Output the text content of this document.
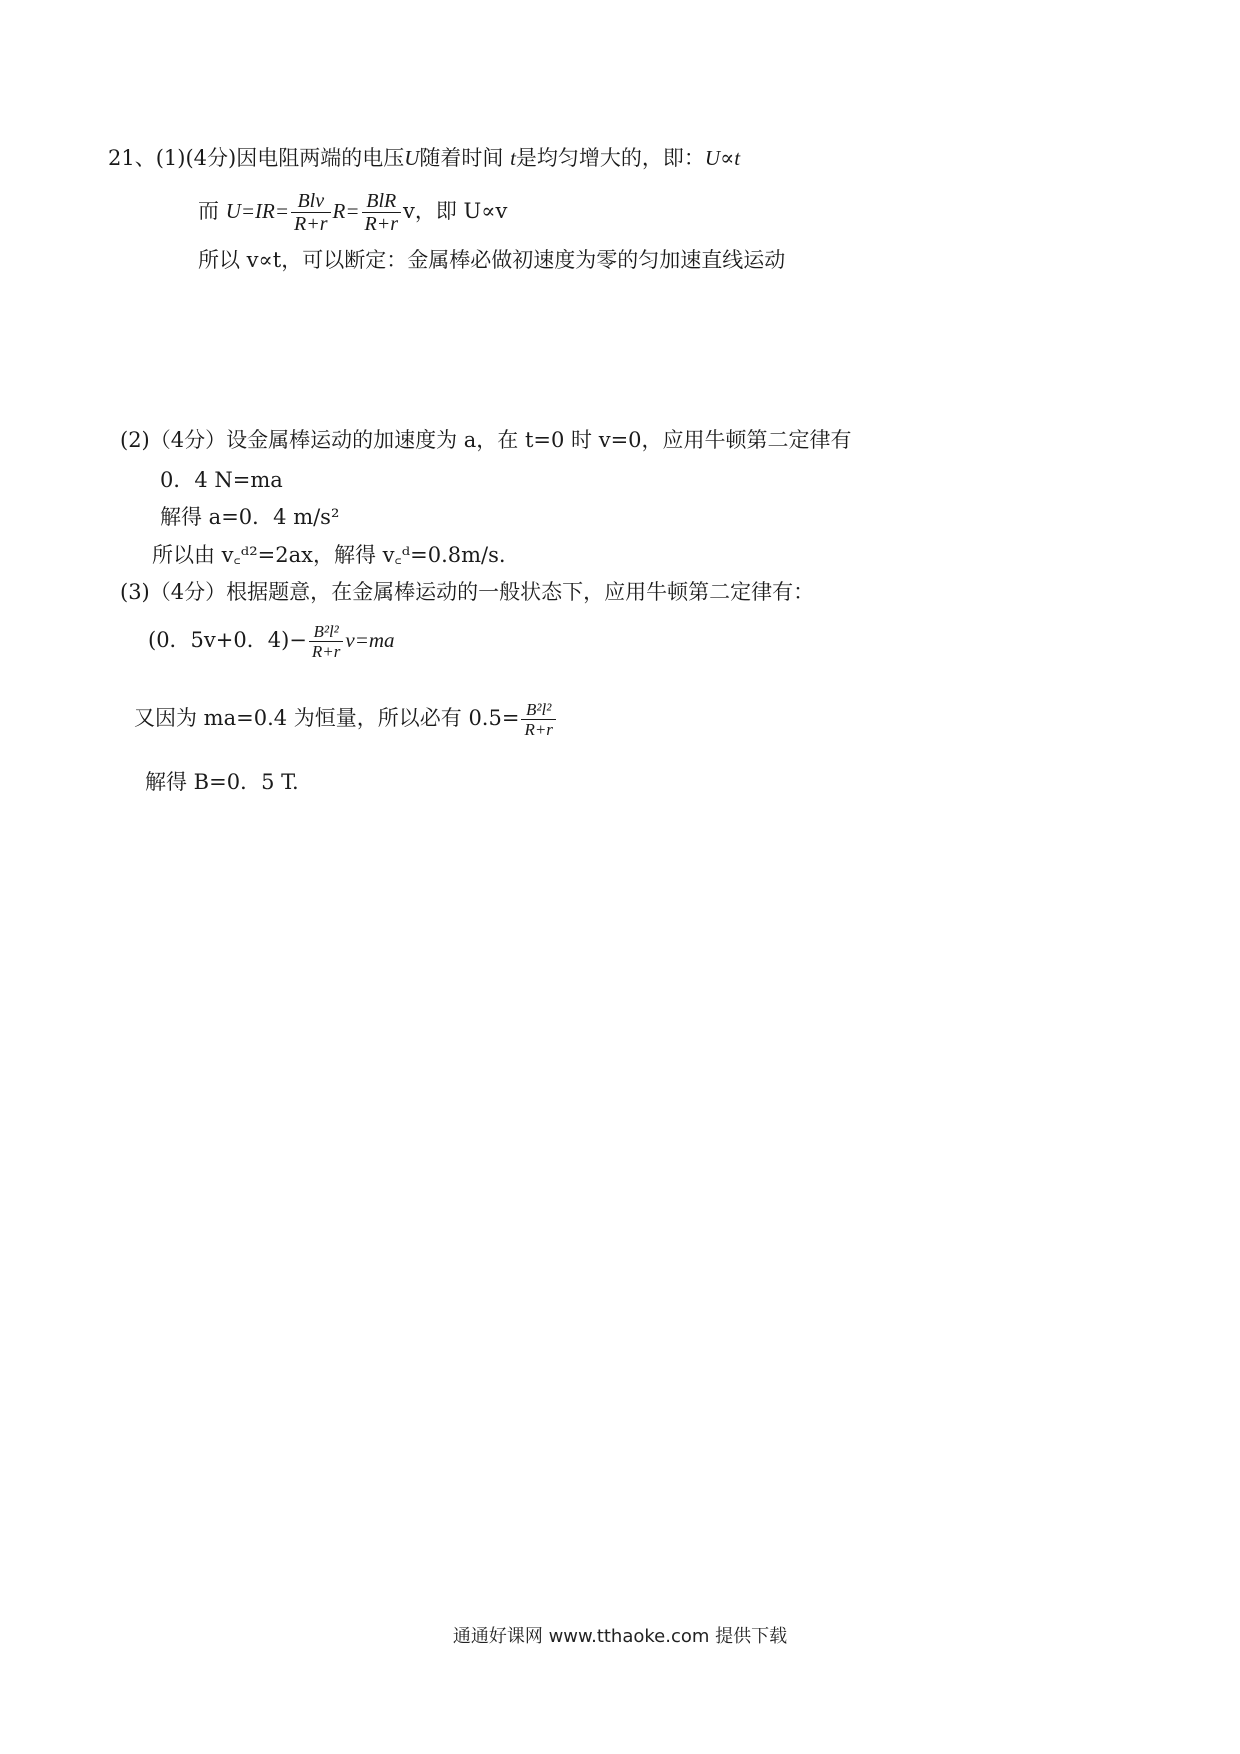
21、(1)(4分)因电阻两端的电压U随着时间 t是均匀增大的，即：U∝t
而 $U=IR= \frac{\text{Blv}}{R+r} R= \frac{\text{BlR}}{R+r}$ v，即 U∝v
所以 v∝t，可以断定：金属棒必做初速度为零的匀加速直线运动
(2)（4分）设金属棒运动的加速度为 a，在 t=0 时 v=0，应用牛顿第二定律有
0．4 N=ma
解得 a=0．4 m/s²
所以由 v꜀ᵈ²=2ax，解得 v꜀ᵈ=0.8m/s.
(3)（4分）根据题意，在金属棒运动的一般状态下，应用牛顿第二定律有：
(0．5v+0．$4)- \frac{\text{B²l²}}{R+r} v=ma$
又因为 ma=0.4 为恒量，所以必有 $0.5= \frac{\text{B²l²}}{R+r}$
解得 B=0．5 T.
通通好课网 www.tthaoke.com 提供下载
